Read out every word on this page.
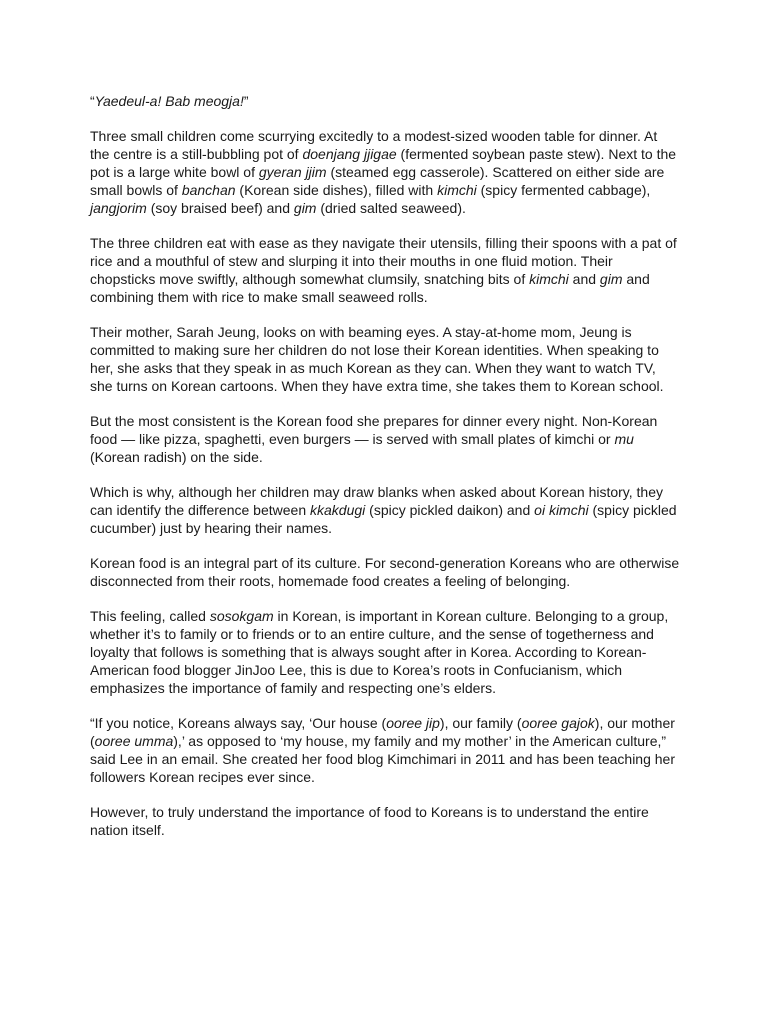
“Yaedeul-a! Bab meogja!”

Three small children come scurrying excitedly to a modest-sized wooden table for dinner. At the centre is a still-bubbling pot of doenjang jjigae (fermented soybean paste stew). Next to the pot is a large white bowl of gyeran jjim (steamed egg casserole). Scattered on either side are small bowls of banchan (Korean side dishes), filled with kimchi (spicy fermented cabbage), jangjorim (soy braised beef) and gim (dried salted seaweed).

The three children eat with ease as they navigate their utensils, filling their spoons with a pat of rice and a mouthful of stew and slurping it into their mouths in one fluid motion. Their chopsticks move swiftly, although somewhat clumsily, snatching bits of kimchi and gim and combining them with rice to make small seaweed rolls.

Their mother, Sarah Jeung, looks on with beaming eyes. A stay-at-home mom, Jeung is committed to making sure her children do not lose their Korean identities. When speaking to her, she asks that they speak in as much Korean as they can. When they want to watch TV, she turns on Korean cartoons. When they have extra time, she takes them to Korean school.

But the most consistent is the Korean food she prepares for dinner every night. Non-Korean food — like pizza, spaghetti, even burgers — is served with small plates of kimchi or mu (Korean radish) on the side.

Which is why, although her children may draw blanks when asked about Korean history, they can identify the difference between kkakdugi (spicy pickled daikon) and oi kimchi (spicy pickled cucumber) just by hearing their names.

Korean food is an integral part of its culture. For second-generation Koreans who are otherwise disconnected from their roots, homemade food creates a feeling of belonging.

This feeling, called sosokgam in Korean, is important in Korean culture. Belonging to a group, whether it’s to family or to friends or to an entire culture, and the sense of togetherness and loyalty that follows is something that is always sought after in Korea. According to Korean-American food blogger JinJoo Lee, this is due to Korea’s roots in Confucianism, which emphasizes the importance of family and respecting one’s elders.

“If you notice, Koreans always say, ‘Our house (ooree jip), our family (ooree gajok), our mother (ooree umma),’ as opposed to ‘my house, my family and my mother’ in the American culture,” said Lee in an email. She created her food blog Kimchimari in 2011 and has been teaching her followers Korean recipes ever since.

However, to truly understand the importance of food to Koreans is to understand the entire nation itself.
